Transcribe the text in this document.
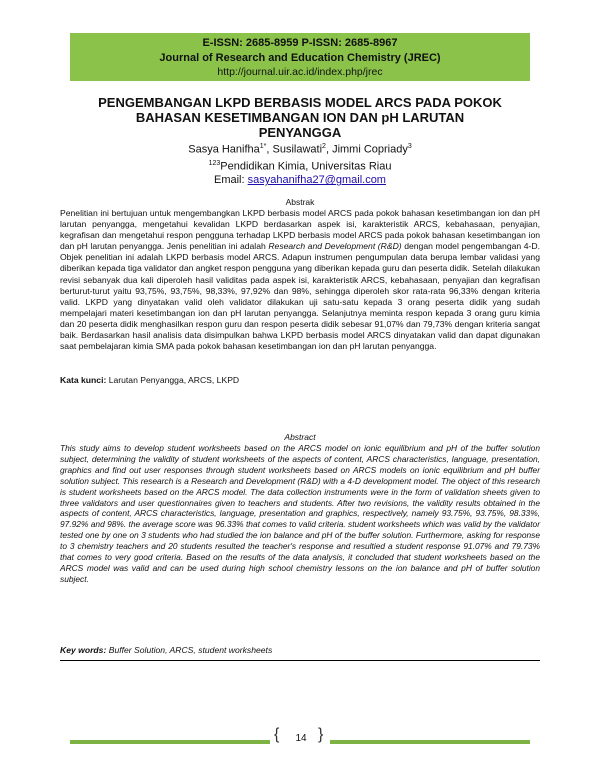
E-ISSN: 2685-8959 P-ISSN: 2685-8967
Journal of Research and Education Chemistry (JREC)
http://journal.uir.ac.id/index.php/jrec
PENGEMBANGAN LKPD BERBASIS MODEL ARCS PADA POKOK BAHASAN KESETIMBANGAN ION DAN pH LARUTAN PENYANGGA
Sasya Hanifha$^{1*}$, Susilawati$^2$, Jimmi Copriady$^3$
$^{123}$Pendidikan Kimia, Universitas Riau
Email: sasyahanifha27@gmail.com
Abstrak
Penelitian ini bertujuan untuk mengembangkan LKPD berbasis model ARCS pada pokok bahasan kesetimbangan ion dan pH larutan penyangga, mengetahui kevalidan LKPD berdasarkan aspek isi, karakteristik ARCS, kebahasaan, penyajian, kegrafisan dan mengetahui respon pengguna terhadap LKPD berbasis model ARCS pada pokok bahasan kesetimbangan ion dan pH larutan penyangga. Jenis penelitian ini adalah Research and Development (R&D) dengan model pengembangan 4-D. Objek penelitian ini adalah LKPD berbasis model ARCS. Adapun instrumen pengumpulan data berupa lembar validasi yang diberikan kepada tiga validator dan angket respon pengguna yang diberikan kepada guru dan peserta didik. Setelah dilakukan revisi sebanyak dua kali diperoleh hasil validitas pada aspek isi, karakteristik ARCS, kebahasaan, penyajian dan kegrafisan berturut-turut yaitu 93,75%, 93,75%, 98,33%, 97,92% dan 98%, sehingga diperoleh skor rata-rata 96,33% dengan kriteria valid. LKPD yang dinyatakan valid oleh validator dilakukan uji satu-satu kepada 3 orang peserta didik yang sudah mempelajari materi kesetimbangan ion dan pH larutan penyangga. Selanjutnya meminta respon kepada 3 orang guru kimia dan 20 peserta didik menghasilkan respon guru dan respon peserta didik sebesar 91,07% dan 79,73% dengan kriteria sangat baik. Berdasarkan hasil analisis data disimpulkan bahwa LKPD berbasis model ARCS dinyatakan valid dan dapat digunakan saat pembelajaran kimia SMA pada pokok bahasan kesetimbangan ion dan pH larutan penyangga.
Kata kunci: Larutan Penyangga, ARCS, LKPD
Abstract
This study aims to develop student worksheets based on the ARCS model on ionic equilibrium and pH of the buffer solution subject, determining the validity of student worksheets of the aspects of content, ARCS characteristics, language, presentation, graphics and find out user responses through student worksheets based on ARCS models on ionic equilibrium and pH buffer solution subject. This research is a Research and Development (R&D) with a 4-D development model. The object of this research is student worksheets based on the ARCS model. The data collection instruments were in the form of validation sheets given to three validators and user questionnaires given to teachers and students. After two revisions, the validity results obtained in the aspects of content, ARCS characteristics, language, presentation and graphics, respectively, namely 93.75%, 93.75%, 98.33%, 97.92% and 98%. the average score was 96.33% that comes to valid criteria. student worksheets which was valid by the validator tested one by one on 3 students who had studied the ion balance and pH of the buffer solution. Furthermore, asking for response to 3 chemistry teachers and 20 students resulted the teacher's response and resultied a student response 91.07% and 79.73% that comes to very good criteria. Based on the results of the data analysis, it concluded that student worksheets based on the ARCS model was valid and can be used during high school chemistry lessons on the ion balance and pH of buffer solution subject.
Key words: Buffer Solution, ARCS, student worksheets
{	14 }
